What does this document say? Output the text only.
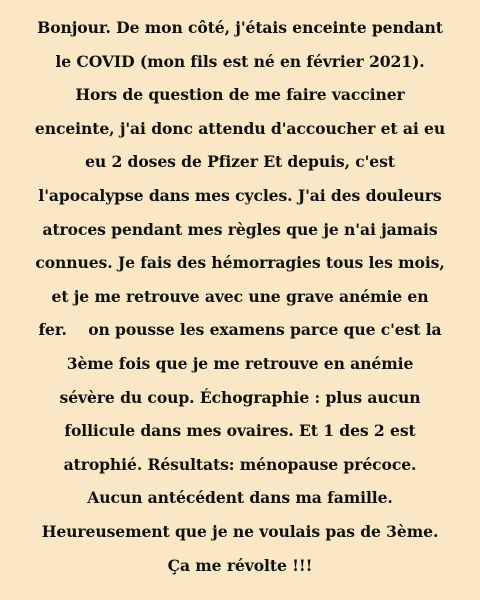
Bonjour. De mon côté, j'étais enceinte pendant
le COVID (mon fils est né en février 2021).
Hors de question de me faire vacciner
enceinte, j'ai donc attendu d'accoucher et ai eu
eu 2 doses de Pfizer Et depuis, c'est
l'apocalypse dans mes cycles. J'ai des douleurs
atroces pendant mes règles que je n'ai jamais
connues. Je fais des hémorragies tous les mois,
et je me retrouve avec une grave anémie en
fer.    on pousse les examens parce que c'est la
3ème fois que je me retrouve en anémie
sévère du coup. Échographie : plus aucun
follicule dans mes ovaires. Et 1 des 2 est
atrophié. Résultats: ménopause précoce.
Aucun antécédent dans ma famille.
Heureusement que je ne voulais pas de 3ème.
Ça me révolte !!!
